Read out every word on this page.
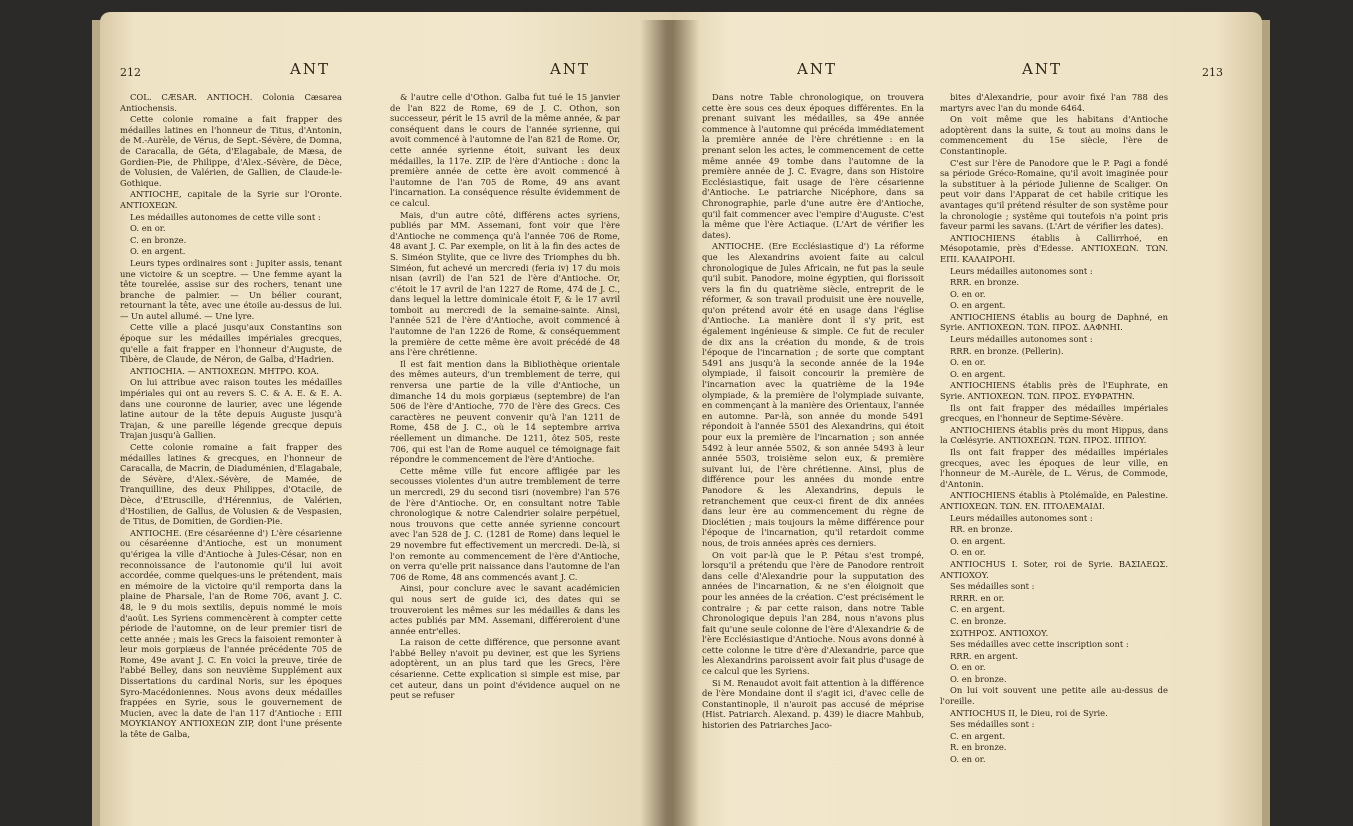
212	ANT	ANT

COL. CÆSAR. ANTIOCH. Colonia Cæsarea Antiochensis.

Cette colonie romaine a fait frapper des médailles latines en l'honneur de Titus, d'Antonin, de M.-Aurèle, de Vérus, de Sept.-Sévère, de Domna, de Caracalla, de Géta, d'Elagabale, de Mæsa, de Gordien-Pie, de Philippe, d'Alex.-Sévère, de Dèce, de Volusien, de Valérien, de Gallien, de Claude-le-Gothique.

ANTIOCHE, capitale de la Syrie sur l'Oronte. ANTIOXEΩN.

Les médailles autonomes de cette ville sont :

O. en or.

C. en bronze.

O. en argent.

Leurs types ordinaires sont : Jupiter assis, tenant une victoire & un sceptre. — Une femme ayant la tête tourelée, assise sur des rochers, tenant une branche de palmier. — Un bélier courant, retournant la tête, avec une étoile au-dessus de lui. — Un autel allumé. — Une lyre.

Cette ville a placé jusqu'aux Constantins son époque sur les médailles impériales grecques, qu'elle a fait frapper en l'honneur d'Auguste, de Tibère, de Claude, de Néron, de Galba, d'Hadrien.

ANTIOCHIA. — ANTIOXEΩN. MHTPO. KOA.

On lui attribue avec raison toutes les médailles impériales qui ont au revers S. C. & A. E. & E. A. dans une couronne de laurier, avec une légende latine autour de la tête depuis Auguste jusqu'à Trajan, & une pareille légende grecque depuis Trajan jusqu'à Gallien.

Cette colonie romaine a fait frapper des médailles latines & grecques, en l'honneur de Caracalla, de Macrin, de Diaduménien, d'Elagabale, de Sévère, d'Alex.-Sévère, de Mamée, de Tranquilline, des deux Philippes, d'Otacile, de Dèce, d'Etruscille, d'Hérennius, de Valérien, d'Hostilien, de Gallus, de Volusien & de Vespasien, de Titus, de Domitien, de Gordien-Pie.

ANTIOCHE. (Ere césaréenne d') L'ère césarienne ou césaréenne d'Antioche, est un monument qu'érigea la ville d'Antioche à Jules-César, non en reconnoissance de l'autonomie qu'il lui avoit accordée, comme quelques-uns le prétendent, mais en mémoire de la victoire qu'il remporta dans la plaine de Pharsale, l'an de Rome 706, avant J. C. 48, le 9 du mois sextilis, depuis nommé le mois d'août. Les Syriens commencèrent à compter cette période de l'automne, on de leur premier tisri de cette année ; mais les Grecs la faisoient remonter à leur mois gorpiæus de l'année précédente 705 de Rome, 49e avant J. C. En voici la preuve, tirée de l'abbé Belley, dans son neuvième Supplément aux Dissertations du cardinal Noris, sur les époques Syro-Macédoniennes. Nous avons deux médailles frappées en Syrie, sous le gouvernement de Mucien, avec la date de l'an 117 d'Antioche : EΠI MOYKIANOY ANTIOXEΩN ZIP, dont l'une présente la tête de Galba,

& l'autre celle d'Othon. Galba fut tué le 15 janvier de l'an 822 de Rome, 69 de J. C. Othon, son successeur, périt le 15 avril de la même année, & par conséquent dans le cours de l'année syrienne, qui avoit commencé à l'automne de l'an 821 de Rome. Or, cette année syrienne étoit, suivant les deux médailles, la 117e. ZIP. de l'ère d'Antioche : donc la première année de cette ère avoit commencé à l'automne de l'an 705 de Rome, 49 ans avant l'incarnation. La conséquence résulte évidemment de ce calcul.

Mais, d'un autre côté, différens actes syriens, publiés par MM. Assemani, font voir que l'ère d'Antioche ne commença qu'à l'année 706 de Rome, 48 avant J. C. Par exemple, on lit à la fin des actes de S. Siméon Stylite, que ce livre des Triomphes du bh. Siméon, fut achevé un mercredi (feria iv) 17 du mois nisan (avril) de l'an 521 de l'ère d'Antioche. Or, c'étoit le 17 avril de l'an 1227 de Rome, 474 de J. C., dans lequel la lettre dominicale étoit F, & le 17 avril tomboit au mercredi de la semaine-sainte. Ainsi, l'année 521 de l'ère d'Antioche, avoit commencé à l'automne de l'an 1226 de Rome, & conséquemment la première de cette même ère avoit précédé de 48 ans l'ère chrétienne.

Il est fait mention dans la Bibliothèque orientale des mêmes auteurs, d'un tremblement de terre, qui renversa une partie de la ville d'Antioche, un dimanche 14 du mois gorpiæus (septembre) de l'an 506 de l'ère d'Antioche, 770 de l'ère des Grecs. Ces caractères ne peuvent convenir qu'à l'an 1211 de Rome, 458 de J. C., où le 14 septembre arriva réellement un dimanche. De 1211, ôtez 505, reste 706, qui est l'an de Rome auquel ce témoignage fait répondre le commencement de l'ère d'Antioche.

Cette même ville fut encore affligée par les secousses violentes d'un autre tremblement de terre un mercredi, 29 du second tisri (novembre) l'an 576 de l'ère d'Antioche. Or, en consultant notre Table chronologique & notre Calendrier solaire perpétuel, nous trouvons que cette année syrienne concourt avec l'an 528 de J. C. (1281 de Rome) dans lequel le 29 novembre fut effectivement un mercredi. De-là, si l'on remonte au commencement de l'ère d'Antioche, on verra qu'elle prit naissance dans l'automne de l'an 706 de Rome, 48 ans commencés avant J. C.

Ainsi, pour conclure avec le savant académicien qui nous sert de guide ici, des dates qui se trouveroient les mêmes sur les médailles & dans les actes publiés par MM. Assemani, différeroient d'une année entr'elles.

La raison de cette différence, que personne avant l'abbé Belley n'avoit pu deviner, est que les Syriens adoptèrent, un an plus tard que les Grecs, l'ère césarienne. Cette explication si simple est mise, par cet auteur, dans un point d'évidence auquel on ne peut se refuser

ANT	ANT	213

Dans notre Table chronologique, on trouvera cette ère sous ces deux époques différentes. En la prenant suivant les médailles, sa 49e année commence à l'automne qui précéda immédiatement la première année de l'ère chrétienne : en la prenant selon les actes, le commencement de cette même année 49 tombe dans l'automne de la première année de J. C. Evagre, dans son Histoire Ecclésiastique, fait usage de l'ère césarienne d'Antioche. Le patriarche Nicéphore, dans sa Chronographie, parle d'une autre ère d'Antioche, qu'il fait commencer avec l'empire d'Auguste. C'est la même que l'ère Actiaque. (L'Art de vérifier les dates).

ANTIOCHE. (Ere Ecclésiastique d') La réforme que les Alexandrins avoient faite au calcul chronologique de Jules Africain, ne fut pas la seule qu'il subit. Panodore, moine égyptien, qui florissoit vers la fin du quatrième siècle, entreprit de le réformer, & son travail produisit une ère nouvelle, qu'on prétend avoir été en usage dans l'église d'Antioche. La manière dont il s'y prit, est également ingénieuse & simple. Ce fut de reculer de dix ans la création du monde, & de trois l'époque de l'incarnation ; de sorte que comptant 5491 ans jusqu'à la seconde année de la 194e olympiade, il faisoit concourir la première de l'incarnation avec la quatrième de la 194e olympiade, & la première de l'olympiade suivante, en commençant à la manière des Orientaux, l'année en automne. Par-là, son année du monde 5491 répondoit à l'année 5501 des Alexandrins, qui étoit pour eux la première de l'incarnation ; son année 5492 à leur année 5502, & son année 5493 à leur année 5503, troisième selon eux, & première suivant lui, de l'ère chrétienne. Ainsi, plus de différence pour les années du monde entre Panodore & les Alexandrins, depuis le retranchement que ceux-ci firent de dix années dans leur ère au commencement du règne de Dioclétien ; mais toujours la même différence pour l'époque de l'incarnation, qu'il retardoit comme nous, de trois années après ces derniers.

On voit par-là que le P. Pétau s'est trompé, lorsqu'il a prétendu que l'ère de Panodore rentroit dans celle d'Alexandrie pour la supputation des années de l'incarnation, & ne s'en éloignoit que pour les années de la création. C'est précisément le contraire ; & par cette raison, dans notre Table Chronologique depuis l'an 284, nous n'avons plus fait qu'une seule colonne de l'ère d'Alexandrie & de l'ère Ecclésiastique d'Antioche. Nous avons donné à cette colonne le titre d'ère d'Alexandrie, parce que les Alexandrins paroissent avoir fait plus d'usage de ce calcul que les Syriens.

Si M. Renaudot avoit fait attention à la différence de l'ère Mondaine dont il s'agit ici, d'avec celle de Constantinople, il n'auroit pas accusé de méprise (Hist. Patriarch. Alexand. p. 439) le diacre Mahbub, historien des Patriarches Jaco-

bites d'Alexandrie, pour avoir fixé l'an 788 des martyrs avec l'an du monde 6464.

On voit même que les habitans d'Antioche adoptèrent dans la suite, & tout au moins dans le commencement du 15e siècle, l'ère de Constantinople.

C'est sur l'ère de Panodore que le P. Pagi a fondé sa période Gréco-Romaine, qu'il avoit imaginée pour la substituer à la période Julienne de Scaliger. On peut voir dans l'Apparat de cet habile critique les avantages qu'il prétend résulter de son systême pour la chronologie ; systême qui toutefois n'a point pris faveur parmi les savans. (L'Art de vérifier les dates).

ANTIOCHIENS établis à Callirrhoé, en Mésopotamie, près d'Edesse. ANTIOXEΩN. TΩN. EΠI. KAΛAIPOHI.

Leurs médailles autonomes sont :

RRR. en bronze.

O. en or.

O. en argent.

ANTIOCHIENS établis au bourg de Daphné, en Syrie. ANTIOXEΩN. TΩN. ΠPOΣ. ΔAΦNHI.

Leurs médailles autonomes sont :

RRR. en bronze. (Pellerin).

O. en or.

O. en argent.

ANTIOCHIENS établis près de l'Euphrate, en Syrie. ANTIOXEΩN. TΩN. ΠPOΣ. EYΦPATHN.

Ils ont fait frapper des médailles impériales grecques, en l'honneur de Septime-Sévère.

ANTIOCHIENS établis près du mont Hippus, dans la Cœlésyrie. ANTIOXEΩN. TΩN. ΠPOΣ. IΠΠOY.

Ils ont fait frapper des médailles impériales grecques, avec les époques de leur ville, en l'honneur de M.-Aurèle, de L. Vérus, de Commode, d'Antonin.

ANTIOCHIENS établis à Ptolémaïde, en Palestine. ANTIOXEΩN. TΩN. EN. ΠTOΛEMAIΔI.

Leurs médailles autonomes sont :

RR. en bronze.

O. en argent.

O. en or.

ANTIOCHUS I. Soter, roi de Syrie. BAΣIΛEΩΣ. ANTIOXOY.

Ses médailles sont :

RRRR. en or.

C. en argent.

C. en bronze.

ΣΩTHPOΣ. ANTIOXOY.

Ses médailles avec cette inscription sont :

RRR. en argent.

O. en or.

O. en bronze.

On lui voit souvent une petite aile au-dessus de l'oreille.

ANTIOCHUS II, le Dieu, roi de Syrie.

Ses médailles sont :

C. en argent.

R. en bronze.

O. en or.
